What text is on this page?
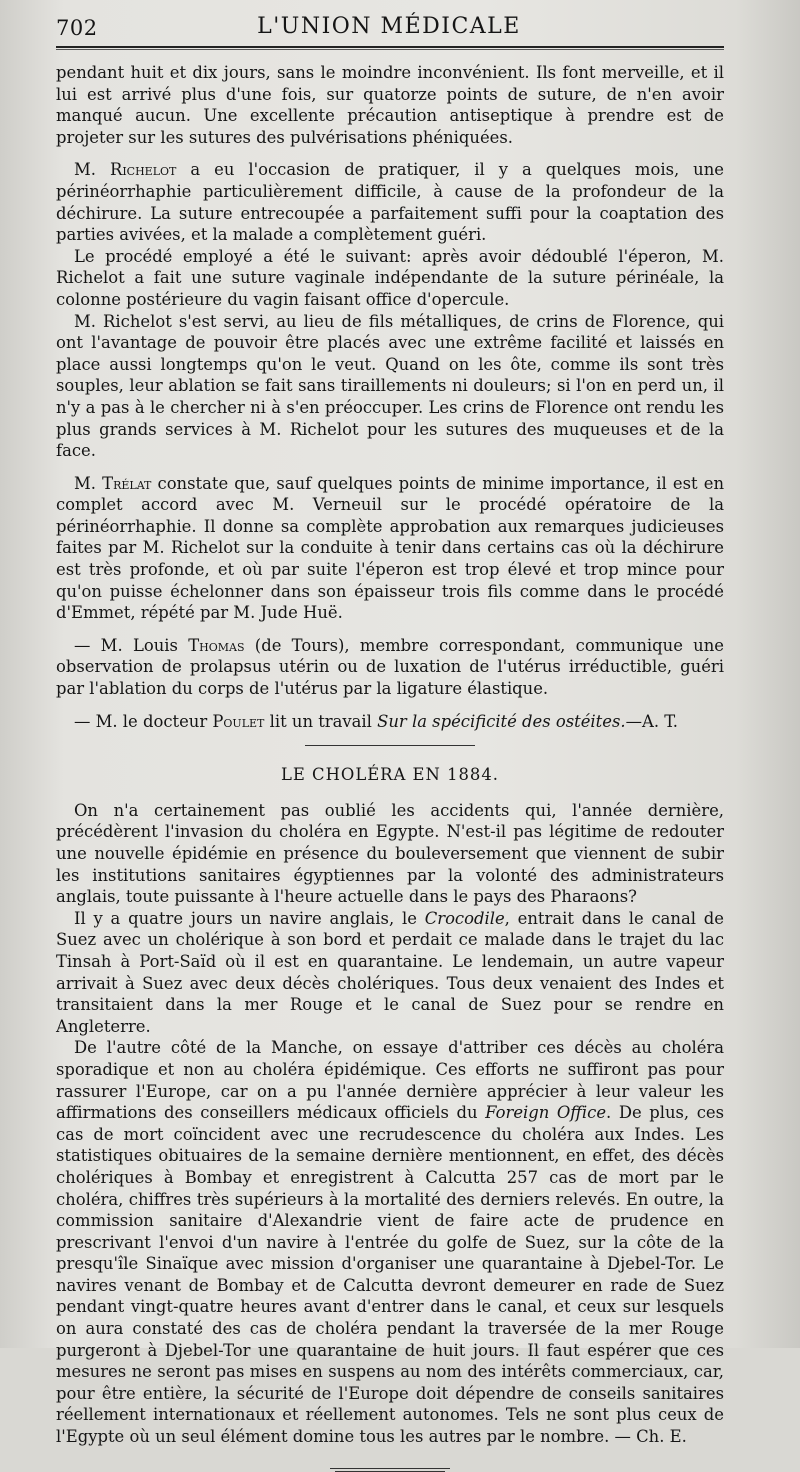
702	L'UNION MÉDICALE

pendant huit et dix jours, sans le moindre inconvénient. Ils font merveille, et il lui est arrivé plus d'une fois, sur quatorze points de suture, de n'en avoir manqué aucun. Une excellente précaution antiseptique à prendre est de projeter sur les sutures des pulvérisations phéniquées.

M. Richelot a eu l'occasion de pratiquer, il y a quelques mois, une périnéorrhaphie particulièrement difficile, à cause de la profondeur de la déchirure. La suture entrecoupée a parfaitement suffi pour la coaptation des parties avivées, et la malade a complètement guéri.

Le procédé employé a été le suivant: après avoir dédoublé l'éperon, M. Richelot a fait une suture vaginale indépendante de la suture périnéale, la colonne postérieure du vagin faisant office d'opercule.

M. Richelot s'est servi, au lieu de fils métalliques, de crins de Florence, qui ont l'avantage de pouvoir être placés avec une extrême facilité et laissés en place aussi longtemps qu'on le veut. Quand on les ôte, comme ils sont très souples, leur ablation se fait sans tiraillements ni douleurs; si l'on en perd un, il n'y a pas à le chercher ni à s'en préoccuper. Les crins de Florence ont rendu les plus grands services à M. Richelot pour les sutures des muqueuses et de la face.

M. Trélat constate que, sauf quelques points de minime importance, il est en complet accord avec M. Verneuil sur le procédé opératoire de la périnéorrhaphie. Il donne sa complète approbation aux remarques judicieuses faites par M. Richelot sur la conduite à tenir dans certains cas où la déchirure est très profonde, et où par suite l'éperon est trop élevé et trop mince pour qu'on puisse échelonner dans son épaisseur trois fils comme dans le procédé d'Emmet, répété par M. Jude Huë.

— M. Louis Thomas (de Tours), membre correspondant, communique une observation de prolapsus utérin ou de luxation de l'utérus irréductible, guéri par l'ablation du corps de l'utérus par la ligature élastique.

— M. le docteur Poulet lit un travail Sur la spécificité des ostéites.—A. T.

LE CHOLÉRA EN 1884.

On n'a certainement pas oublié les accidents qui, l'année dernière, précédèrent l'invasion du choléra en Egypte. N'est-il pas légitime de redouter une nouvelle épidémie en présence du bouleversement que viennent de subir les institutions sanitaires égyptiennes par la volonté des administrateurs anglais, toute puissante à l'heure actuelle dans le pays des Pharaons?

Il y a quatre jours un navire anglais, le Crocodile, entrait dans le canal de Suez avec un cholérique à son bord et perdait ce malade dans le trajet du lac Tinsah à Port-Saïd où il est en quarantaine. Le lendemain, un autre vapeur arrivait à Suez avec deux décès cholériques. Tous deux venaient des Indes et transitaient dans la mer Rouge et le canal de Suez pour se rendre en Angleterre.

De l'autre côté de la Manche, on essaye d'attriber ces décès au choléra sporadique et non au choléra épidémique. Ces efforts ne suffiront pas pour rassurer l'Europe, car on a pu l'année dernière apprécier à leur valeur les affirmations des conseillers médicaux officiels du Foreign Office. De plus, ces cas de mort coïncident avec une recrudescence du choléra aux Indes. Les statistiques obituaires de la semaine dernière mentionnent, en effet, des décès cholériques à Bombay et enregistrent à Calcutta 257 cas de mort par le choléra, chiffres très supérieurs à la mortalité des derniers relevés. En outre, la commission sanitaire d'Alexandrie vient de faire acte de prudence en prescrivant l'envoi d'un navire à l'entrée du golfe de Suez, sur la côte de la presqu'île Sinaïque avec mission d'organiser une quarantaine à Djebel-Tor. Le navires venant de Bombay et de Calcutta devront demeurer en rade de Suez pendant vingt-quatre heures avant d'entrer dans le canal, et ceux sur lesquels on aura constaté des cas de choléra pendant la traversée de la mer Rouge purgeront à Djebel-Tor une quarantaine de huit jours. Il faut espérer que ces mesures ne seront pas mises en suspens au nom des intérêts commerciaux, car, pour être entière, la sécurité de l'Europe doit dépendre de conseils sanitaires réellement internationaux et réellement autonomes. Tels ne sont plus ceux de l'Egypte où un seul élément domine tous les autres par le nombre. — Ch. E.
